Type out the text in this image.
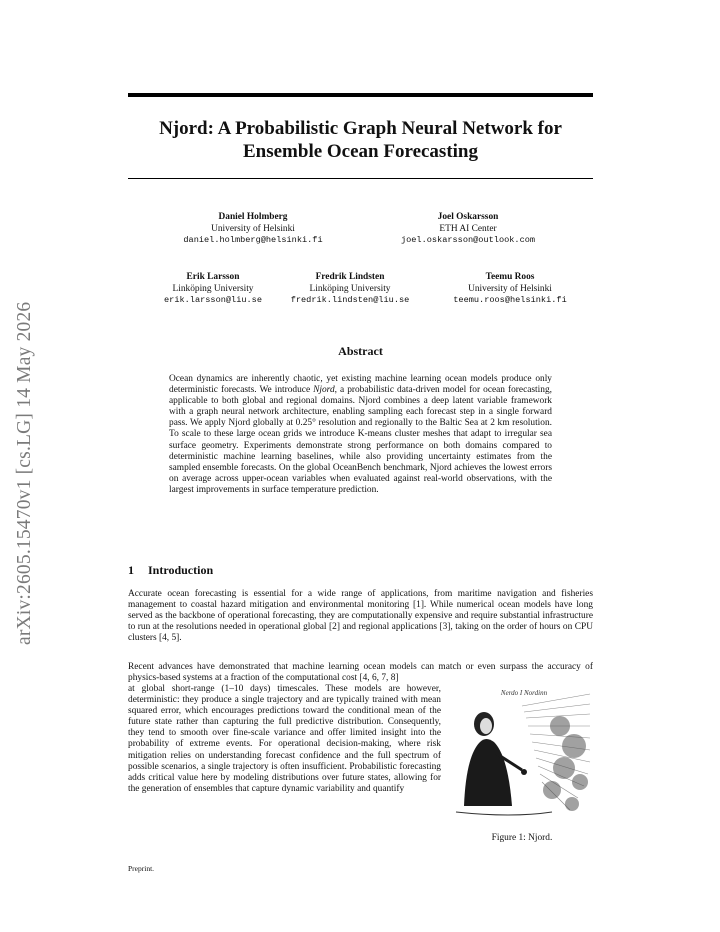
arXiv:2605.15470v1 [cs.LG] 14 May 2026
Njord: A Probabilistic Graph Neural Network for
Ensemble Ocean Forecasting
Daniel Holmberg
University of Helsinki
daniel.holmberg@helsinki.fi
Joel Oskarsson
ETH AI Center
joel.oskarsson@outlook.com
Erik Larsson
Linköping University
erik.larsson@liu.se
Fredrik Lindsten
Linköping University
fredrik.lindsten@liu.se
Teemu Roos
University of Helsinki
teemu.roos@helsinki.fi
Abstract
Ocean dynamics are inherently chaotic, yet existing machine learning ocean models produce only deterministic forecasts. We introduce Njord, a probabilistic data-driven model for ocean forecasting, applicable to both global and regional domains. Njord combines a deep latent variable framework with a graph neural network architecture, enabling sampling each forecast step in a single forward pass. We apply Njord globally at 0.25° resolution and regionally to the Baltic Sea at 2 km resolution. To scale to these large ocean grids we introduce K-means cluster meshes that adapt to irregular sea surface geometry. Experiments demonstrate strong performance on both domains compared to deterministic machine learning baselines, while also providing uncertainty estimates from the sampled ensemble forecasts. On the global OceanBench benchmark, Njord achieves the lowest errors on average across upper-ocean variables when evaluated against real-world observations, with the largest improvements in surface temperature prediction.
1 Introduction
Accurate ocean forecasting is essential for a wide range of applications, from maritime navigation and fisheries management to coastal hazard mitigation and environmental monitoring [1]. While numerical ocean models have long served as the backbone of operational forecasting, they are computationally expensive and require substantial infrastructure to run at the resolutions needed in operational global [2] and regional applications [3], taking on the order of hours on CPU clusters [4, 5].
Recent advances have demonstrated that machine learning ocean models can match or even surpass the accuracy of physics-based systems at a fraction of the computational cost [4, 6, 7, 8]
at global short-range (1–10 days) timescales. These models are however, deterministic: they produce a single trajectory and are typically trained with mean squared error, which encourages predictions toward the conditional mean of the future state rather than capturing the full predictive distribution. Consequently, they tend to smooth over fine-scale variance and offer limited insight into the probability of extreme events. For operational decision-making, where risk mitigation relies on understanding forecast confidence and the full spectrum of possible scenarios, a single trajectory is often insufficient. Probabilistic forecasting adds critical value here by modeling distributions over future states, allowing for the generation of ensembles that capture dynamic variability and quantify
Nerdo I Nordinn
Figure 1: Njord.
Preprint.
